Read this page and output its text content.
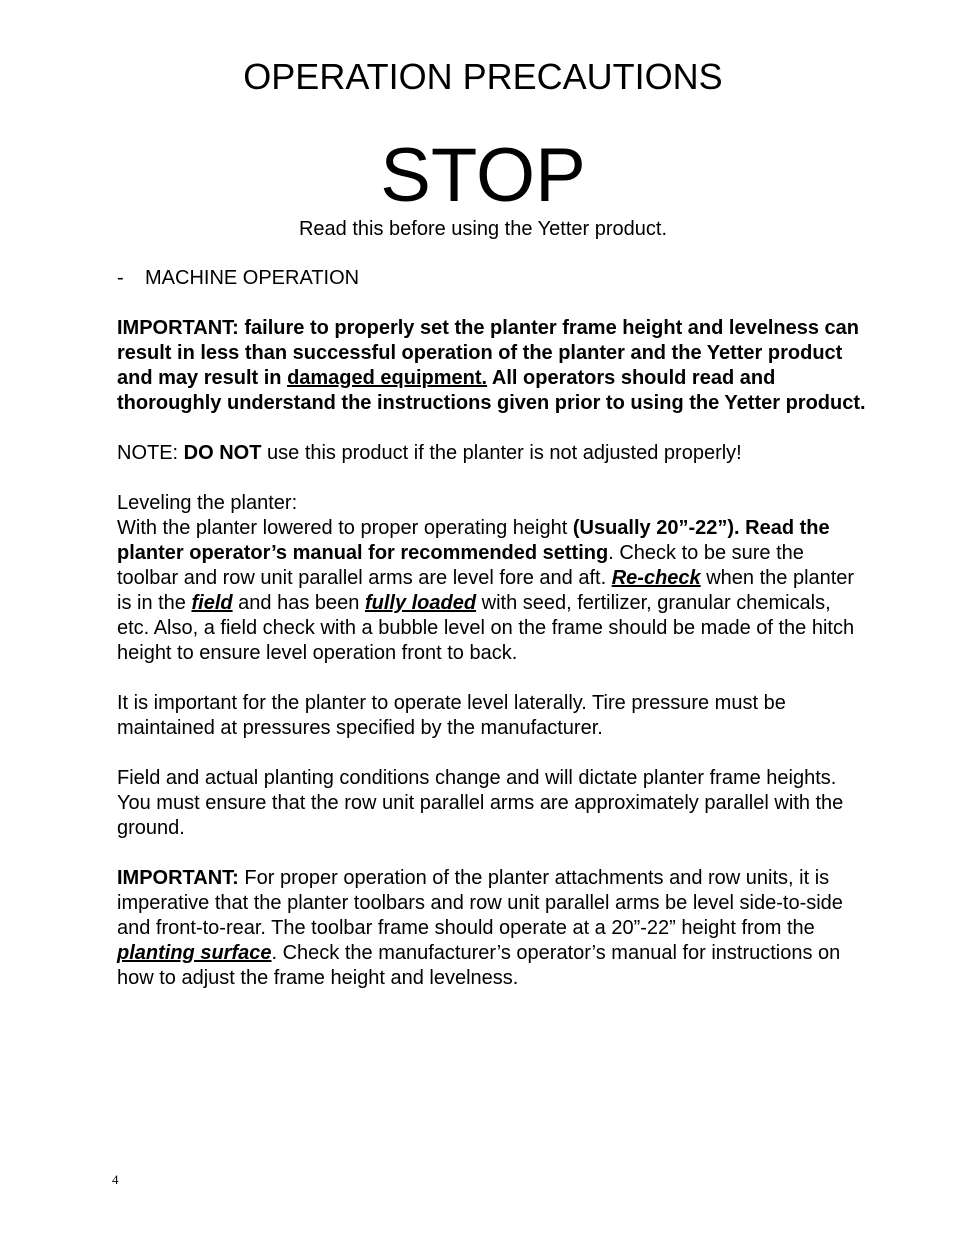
OPERATION PRECAUTIONS
STOP
Read this before using the Yetter product.
- MACHINE OPERATION

IMPORTANT: failure to properly set the planter frame height and levelness can result in less than successful operation of the planter and the Yetter product and may result in damaged equipment. All operators should read and thoroughly understand the instructions given prior to using the Yetter product.

NOTE: DO NOT use this product if the planter is not adjusted properly!

Leveling the planter:

With the planter lowered to proper operating height (Usually 20”-22”). Read the planter operator’s manual for recommended setting. Check to be sure the toolbar and row unit parallel arms are level fore and aft. Re-check when the planter is in the field and has been fully loaded with seed, fertilizer, granular chemicals, etc. Also, a field check with a bubble level on the frame should be made of the hitch height to ensure level operation front to back.

It is important for the planter to operate level laterally. Tire pressure must be maintained at pressures specified by the manufacturer.

Field and actual planting conditions change and will dictate planter frame heights. You must ensure that the row unit parallel arms are approximately parallel with the ground.

IMPORTANT: For proper operation of the planter attachments and row units, it is imperative that the planter toolbars and row unit parallel arms be level side-to-side and front-to-rear. The toolbar frame should operate at a 20”-22” height from the planting surface. Check the manufacturer’s operator’s manual for instructions on how to adjust the frame height and levelness.

4
